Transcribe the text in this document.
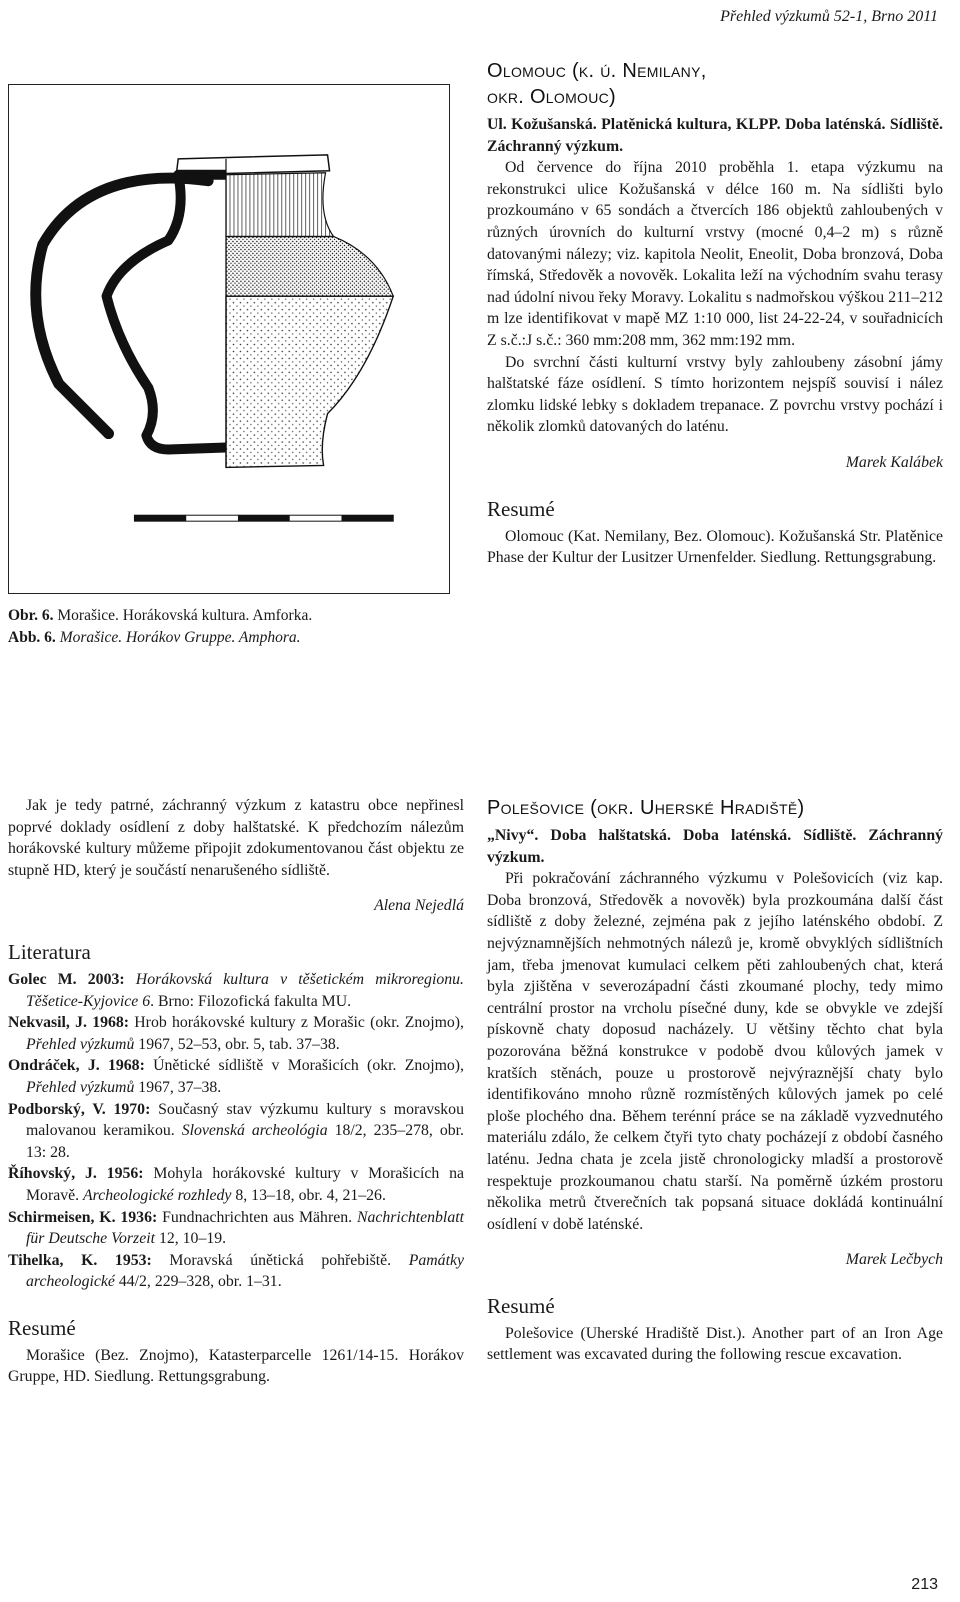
Přehled výzkumů 52-1, Brno 2011
Obr. 6. Morašice. Horákovská kultura. Amforka.
Abb. 6. Morašice. Horákov Gruppe. Amphora.
Olomouc (k. ú. Nemilany,
okr. Olomouc)

Ul. Kožušanská. Platěnická kultura, KLPP. Doba laténská. Sídliště. Záchranný výzkum.

Od července do října 2010 proběhla 1. etapa výzkumu na rekonstrukci ulice Kožušanská v délce 160 m. Na sídlišti bylo prozkoumáno v 65 sondách a čtvercích 186 objektů zahloubených v různých úrovních do kulturní vrstvy (mocné 0,4–2 m) s různě datovanými nálezy; viz. kapitola Neolit, Eneolit, Doba bronzová, Doba římská, Středověk a novověk. Lokalita leží na východním svahu terasy nad údolní nivou řeky Moravy. Lokalitu s nadmořskou výškou 211–212 m lze identifikovat v mapě MZ 1:10 000, list 24-22-24, v souřadnicích Z s.č.:J s.č.: 360 mm:208 mm, 362 mm:192 mm.

Do svrchní části kulturní vrstvy byly zahloubeny zásobní jámy halštatské fáze osídlení. S tímto horizontem nejspíš souvisí i nález zlomku lidské lebky s dokladem trepanace. Z povrchu vrstvy pochází i několik zlomků datovaných do laténu.

Marek Kalábek
Resumé

Olomouc (Kat. Nemilany, Bez. Olomouc). Kožušanská Str. Platěnice Phase der Kultur der Lusitzer Urnenfelder. Siedlung. Rettungsgrabung.

Jak je tedy patrné, záchranný výzkum z katastru obce nepřinesl poprvé doklady osídlení z doby halštatské. K předchozím nálezům horákovské kultury můžeme připojit zdokumentovanou část objektu ze stupně HD, který je součástí nenarušeného sídliště.

Alena Nejedlá
Literatura

Golec M. 2003: Horákovská kultura v těšetickém mikroregionu. Těšetice-Kyjovice 6. Brno: Filozofická fakulta MU.

Nekvasil, J. 1968: Hrob horákovské kultury z Morašic (okr. Znojmo), Přehled výzkumů 1967, 52–53, obr. 5, tab. 37–38.

Ondráček, J. 1968: Únětické sídliště v Morašicích (okr. Znojmo), Přehled výzkumů 1967, 37–38.

Podborský, V. 1970: Současný stav výzkumu kultury s moravskou malovanou keramikou. Slovenská archeológia 18/2, 235–278, obr. 13: 28.

Říhovský, J. 1956: Mohyla horákovské kultury v Morašicích na Moravě. Archeologické rozhledy 8, 13–18, obr. 4, 21–26.

Schirmeisen, K. 1936: Fundnachrichten aus Mähren. Nachrichtenblatt für Deutsche Vorzeit 12, 10–19.

Tihelka, K. 1953: Moravská únětická pohřebiště. Památky archeologické 44/2, 229–328, obr. 1–31.

Resumé

Morašice (Bez. Znojmo), Katasterparcelle 1261/14-15. Horákov Gruppe, HD. Siedlung. Rettungsgrabung.

Polešovice (okr. Uherské Hradiště)

„Nivy“. Doba halštatská. Doba laténská. Sídliště. Záchranný výzkum.

Při pokračování záchranného výzkumu v Polešovicích (viz kap. Doba bronzová, Středověk a novověk) byla prozkoumána další část sídliště z doby železné, zejména pak z jejího laténského období. Z nejvýznamnějších nehmotných nálezů je, kromě obvyklých sídlištních jam, třeba jmenovat kumulaci celkem pěti zahloubených chat, která byla zjištěna v severozápadní části zkoumané plochy, tedy mimo centrální prostor na vrcholu písečné duny, kde se obvykle ve zdejší pískovně chaty doposud nacházely. U většiny těchto chat byla pozorována běžná konstrukce v podobě dvou kůlových jamek v kratších stěnách, pouze u prostorově nejvýraznější chaty bylo identifikováno mnoho různě rozmístěných kůlových jamek po celé ploše plochého dna. Během terénní práce se na základě vyzvednutého materiálu zdálo, že celkem čtyři tyto chaty pocházejí z období časného laténu. Jedna chata je zcela jistě chronologicky mladší a prostorově respektuje prozkoumanou chatu starší. Na poměrně úzkém prostoru několika metrů čtverečních tak popsaná situace dokládá kontinuální osídlení v době laténské.

Marek Lečbych
Resumé

Polešovice (Uherské Hradiště Dist.). Another part of an Iron Age settlement was excavated during the following rescue excavation.

213
